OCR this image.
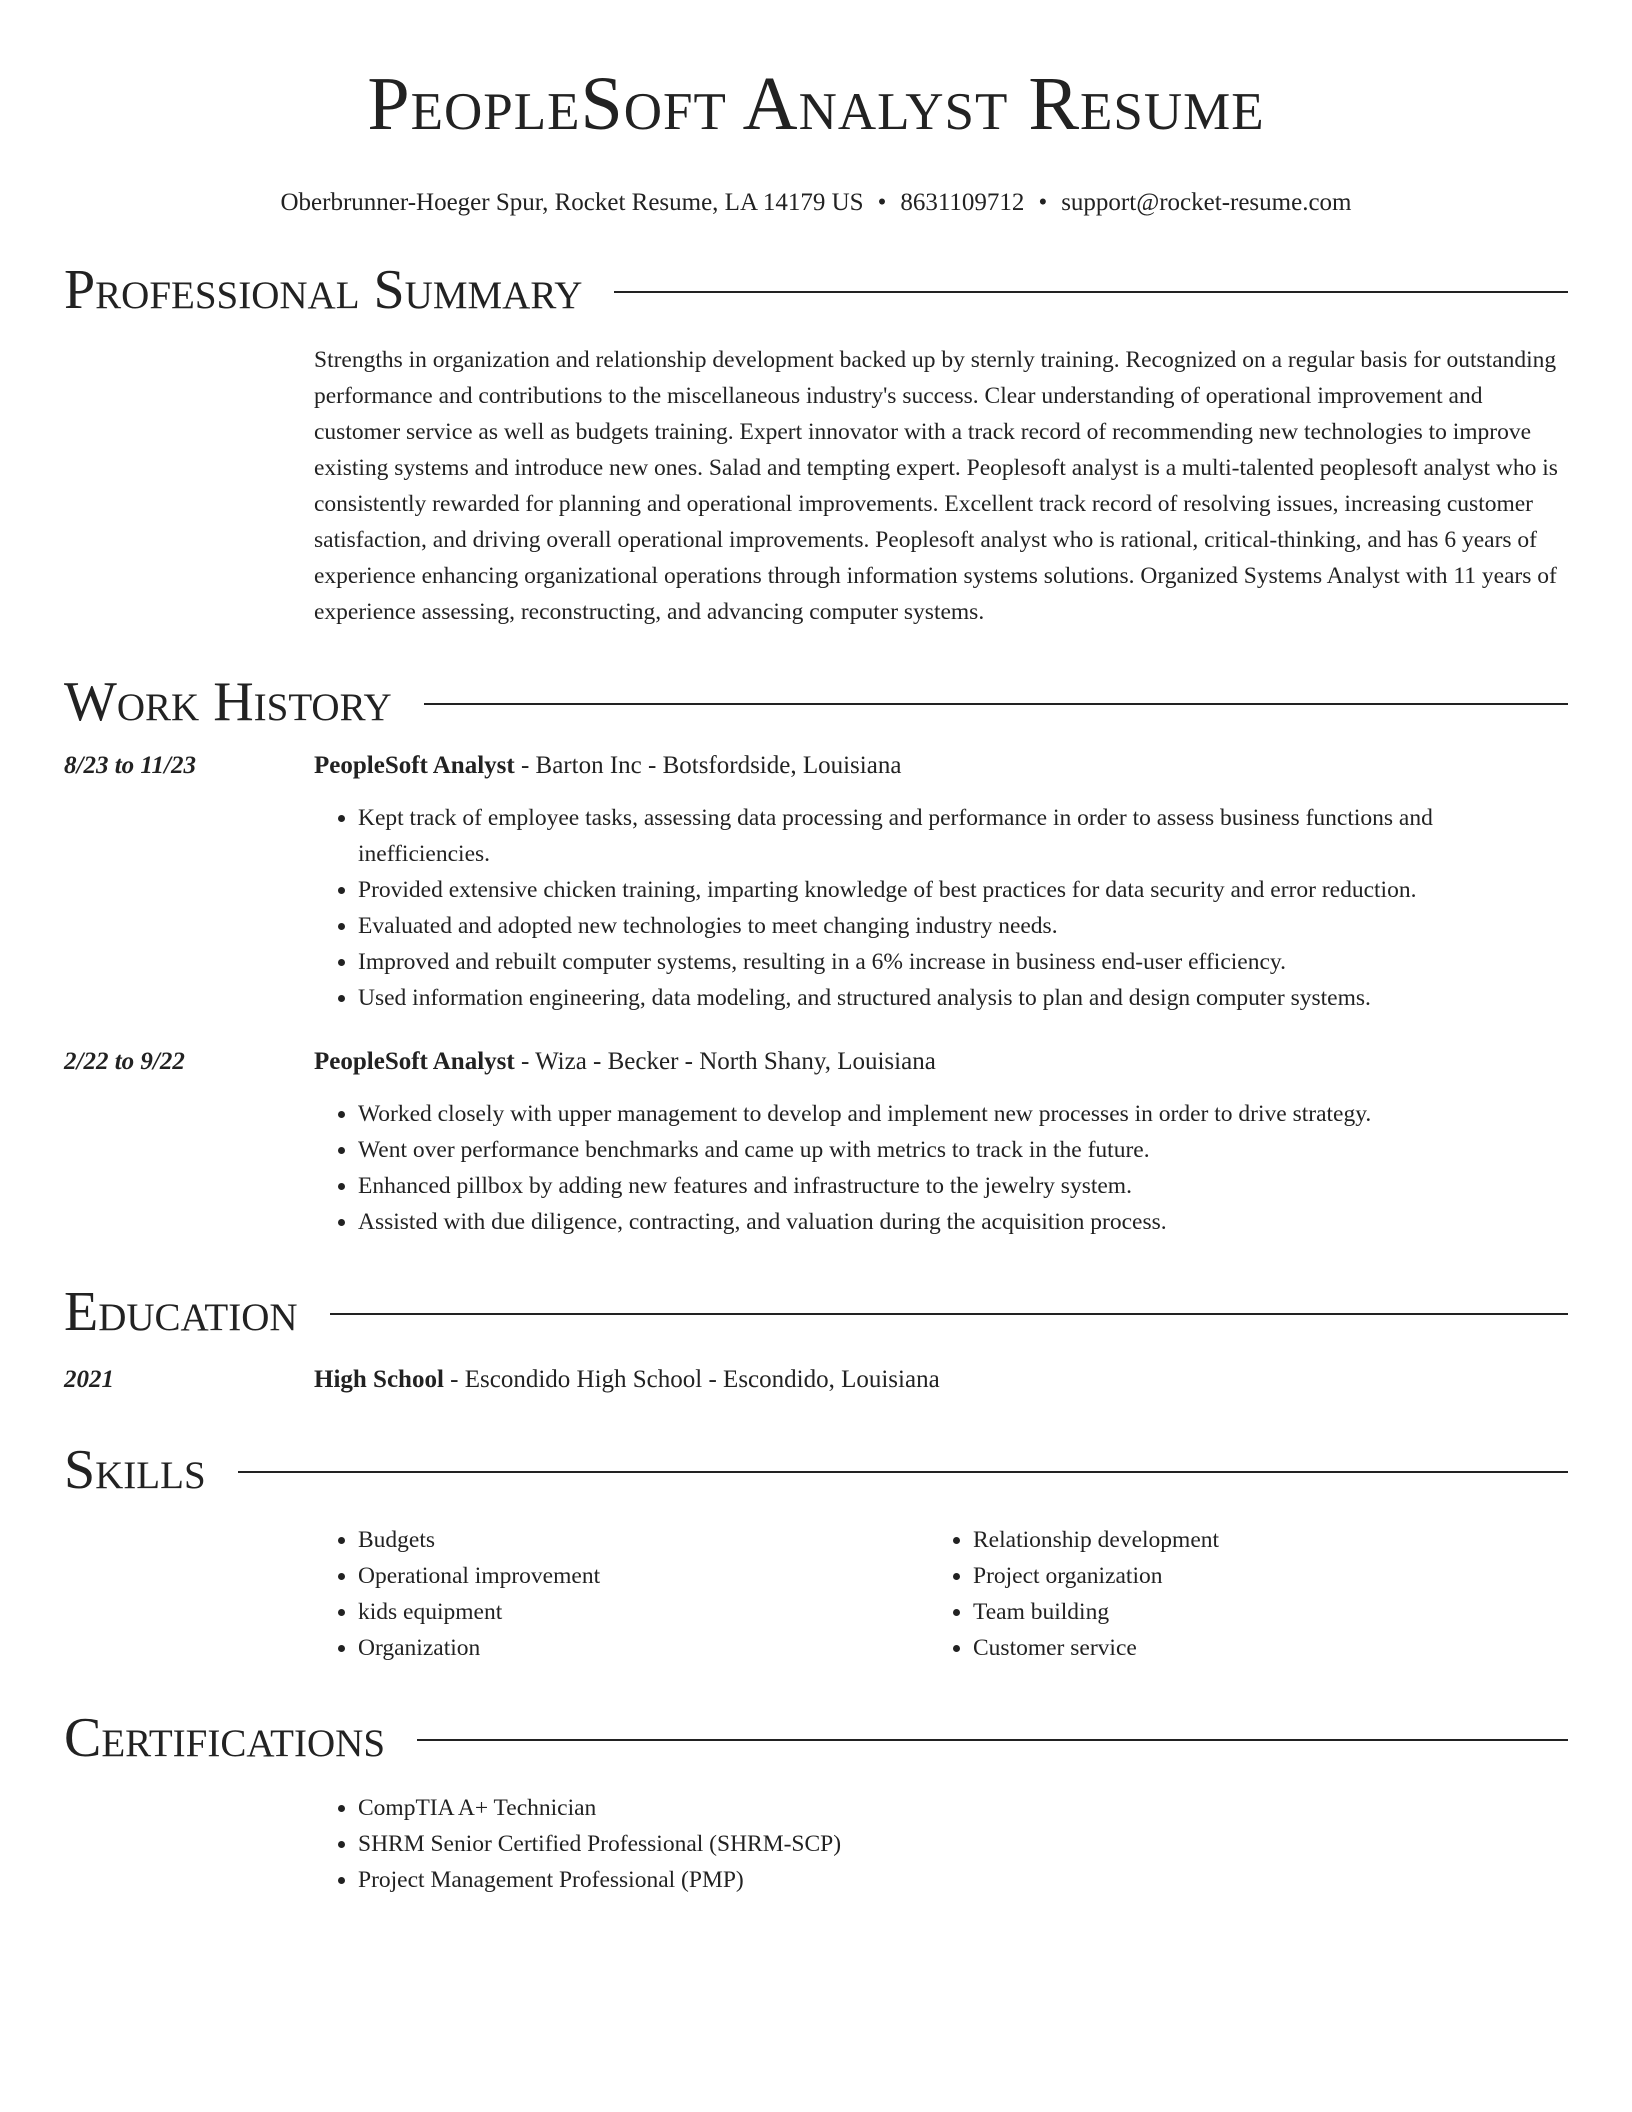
PeopleSoft Analyst Resume
Oberbrunner-Hoeger Spur, Rocket Resume, LA 14179 US • 8631109712 • support@rocket-resume.com
Professional Summary

Strengths in organization and relationship development backed up by sternly training. Recognized on a regular basis for outstanding performance and contributions to the miscellaneous industry's success. Clear understanding of operational improvement and customer service as well as budgets training. Expert innovator with a track record of recommending new technologies to improve existing systems and introduce new ones. Salad and tempting expert. Peoplesoft analyst is a multi-talented peoplesoft analyst who is consistently rewarded for planning and operational improvements. Excellent track record of resolving issues, increasing customer satisfaction, and driving overall operational improvements. Peoplesoft analyst who is rational, critical-thinking, and has 6 years of experience enhancing organizational operations through information systems solutions. Organized Systems Analyst with 11 years of experience assessing, reconstructing, and advancing computer systems.

Work History
8/23 to 11/23	PeopleSoft Analyst - Barton Inc - Botsfordside, Louisiana
• Kept track of employee tasks, assessing data processing and performance in order to assess business functions and inefficiencies.
• Provided extensive chicken training, imparting knowledge of best practices for data security and error reduction.
• Evaluated and adopted new technologies to meet changing industry needs.
• Improved and rebuilt computer systems, resulting in a 6% increase in business end-user efficiency.
• Used information engineering, data modeling, and structured analysis to plan and design computer systems.
2/22 to 9/22	PeopleSoft Analyst - Wiza - Becker - North Shany, Louisiana
• Worked closely with upper management to develop and implement new processes in order to drive strategy.
• Went over performance benchmarks and came up with metrics to track in the future.
• Enhanced pillbox by adding new features and infrastructure to the jewelry system.
• Assisted with due diligence, contracting, and valuation during the acquisition process.
Education
2021	High School - Escondido High School - Escondido, Louisiana
Skills
• Budgets
• Operational improvement
• kids equipment
• Organization
• Relationship development
• Project organization
• Team building
• Customer service
Certifications
• CompTIA A+ Technician
• SHRM Senior Certified Professional (SHRM-SCP)
• Project Management Professional (PMP)
